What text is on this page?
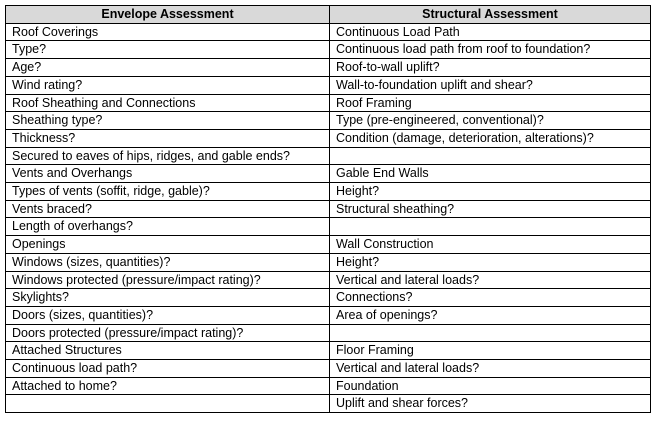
Envelope Assessment	Structural Assessment
Roof Coverings	Continuous Load Path
Type?	Continuous load path from roof to foundation?
Age?	Roof-to-wall uplift?
Wind rating?	Wall-to-foundation uplift and shear?
Roof Sheathing and Connections	Roof Framing
Sheathing type?	Type (pre-engineered, conventional)?
Thickness?	Condition (damage, deterioration, alterations)?
Secured to eaves of hips, ridges, and gable ends?	
Vents and Overhangs	Gable End Walls
Types of vents (soffit, ridge, gable)?	Height?
Vents braced?	Structural sheathing?
Length of overhangs?	
Openings	Wall Construction
Windows (sizes, quantities)?	Height?
Windows protected (pressure/impact rating)?	Vertical and lateral loads?
Skylights?	Connections?
Doors (sizes, quantities)?	Area of openings?
Doors protected (pressure/impact rating)?	
Attached Structures	Floor Framing
Continuous load path?	Vertical and lateral loads?
Attached to home?	Foundation
	Uplift and shear forces?
